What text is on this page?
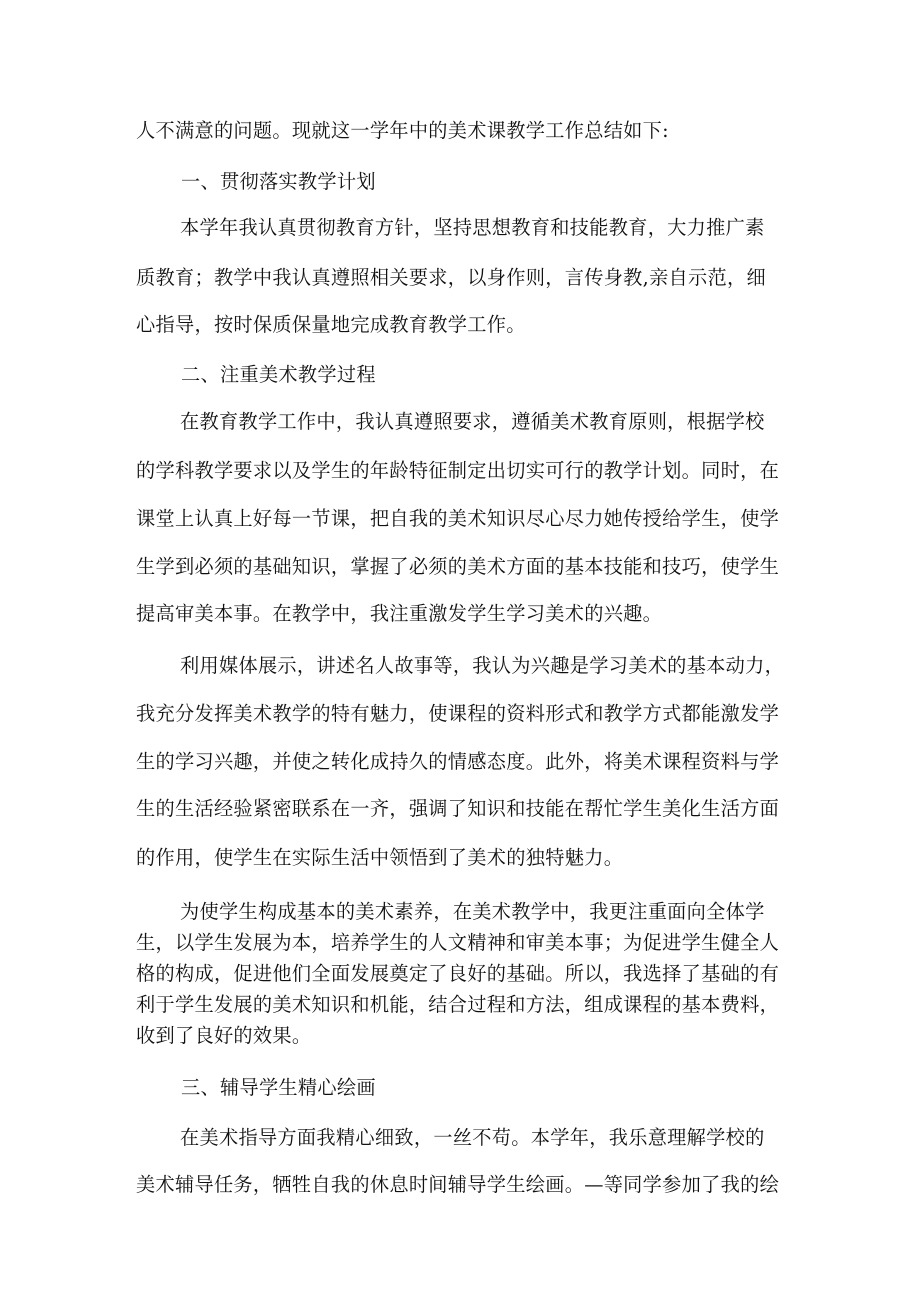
人不满意的问题。现就这一学年中的美术课教学工作总结如下:
一、贯彻落实教学计划
本学年我认真贯彻教育方针，坚持思想教育和技能教育，大力推广素
质教育；教学中我认真遵照相关要求，以身作则，言传身教,亲自示范，细
心指导，按时保质保量地完成教育教学工作。
二、注重美术教学过程
在教育教学工作中，我认真遵照要求，遵循美术教育原则，根据学校
的学科教学要求以及学生的年龄特征制定出切实可行的教学计划。同时，在
课堂上认真上好每一节课，把自我的美术知识尽心尽力她传授给学生，使学
生学到必须的基础知识，掌握了必须的美术方面的基本技能和技巧，使学生
提高审美本事。在教学中，我注重激发学生学习美术的兴趣。
利用媒体展示，讲述名人故事等，我认为兴趣是学习美术的基本动力，
我充分发挥美术教学的特有魅力，使课程的资料形式和教学方式都能激发学
生的学习兴趣，并使之转化成持久的情感态度。此外，将美术课程资料与学
生的生活经验紧密联系在一齐，强调了知识和技能在帮忙学生美化生活方面
的作用，使学生在实际生活中领悟到了美术的独特魅力。
为使学生构成基本的美术素养，在美术教学中，我更注重面向全体学
生，以学生发展为本，培养学生的人文精神和审美本事；为促进学生健全人
格的构成，促进他们全面发展奠定了良好的基础。所以，我选择了基础的有
利于学生发展的美术知识和机能，结合过程和方法，组成课程的基本费料，
收到了良好的效果。
三、辅导学生精心绘画
在美术指导方面我精心细致，一丝不苟。本学年，我乐意理解学校的
美术辅导任务，牺牲自我的休息时间辅导学生绘画。—等同学参加了我的绘
